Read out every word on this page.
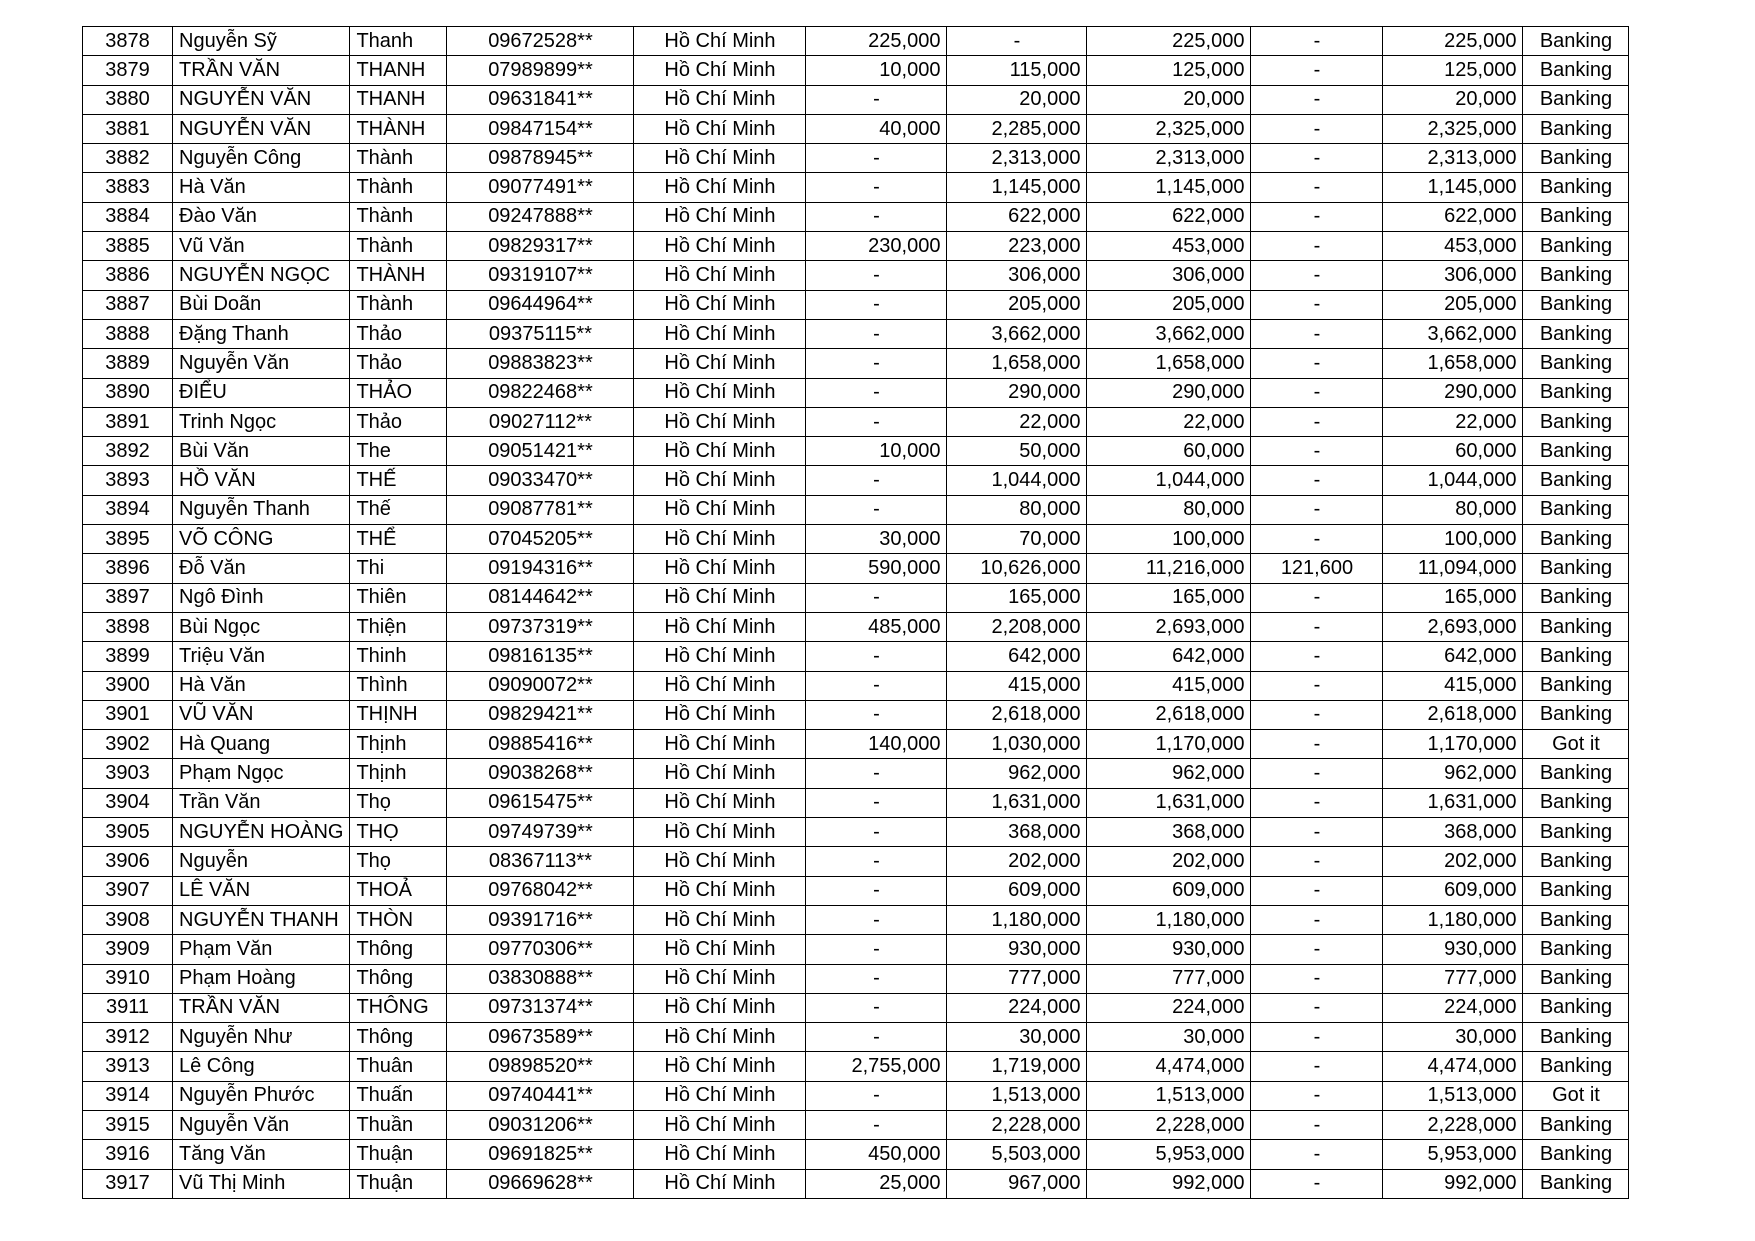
3878	Nguyễn Sỹ	Thanh	09672528**	Hồ Chí Minh	225,000	-	225,000	-	225,000	Banking
3879	TRẦN VĂN	THANH	07989899**	Hồ Chí Minh	10,000	115,000	125,000	-	125,000	Banking
3880	NGUYỄN VĂN	THANH	09631841**	Hồ Chí Minh	-	20,000	20,000	-	20,000	Banking
3881	NGUYỄN VĂN	THÀNH	09847154**	Hồ Chí Minh	40,000	2,285,000	2,325,000	-	2,325,000	Banking
3882	Nguyễn Công	Thành	09878945**	Hồ Chí Minh	-	2,313,000	2,313,000	-	2,313,000	Banking
3883	Hà Văn	Thành	09077491**	Hồ Chí Minh	-	1,145,000	1,145,000	-	1,145,000	Banking
3884	Đào Văn	Thành	09247888**	Hồ Chí Minh	-	622,000	622,000	-	622,000	Banking
3885	Vũ Văn	Thành	09829317**	Hồ Chí Minh	230,000	223,000	453,000	-	453,000	Banking
3886	NGUYỄN NGỌC	THÀNH	09319107**	Hồ Chí Minh	-	306,000	306,000	-	306,000	Banking
3887	Bùi Doãn	Thành	09644964**	Hồ Chí Minh	-	205,000	205,000	-	205,000	Banking
3888	Đặng Thanh	Thảo	09375115**	Hồ Chí Minh	-	3,662,000	3,662,000	-	3,662,000	Banking
3889	Nguyễn Văn	Thảo	09883823**	Hồ Chí Minh	-	1,658,000	1,658,000	-	1,658,000	Banking
3890	ĐIỂU	THẢO	09822468**	Hồ Chí Minh	-	290,000	290,000	-	290,000	Banking
3891	Trinh Ngọc	Thảo	09027112**	Hồ Chí Minh	-	22,000	22,000	-	22,000	Banking
3892	Bùi Văn	The	09051421**	Hồ Chí Minh	10,000	50,000	60,000	-	60,000	Banking
3893	HỒ VĂN	THẾ	09033470**	Hồ Chí Minh	-	1,044,000	1,044,000	-	1,044,000	Banking
3894	Nguyễn Thanh	Thế	09087781**	Hồ Chí Minh	-	80,000	80,000	-	80,000	Banking
3895	VÕ CÔNG	THỂ	07045205**	Hồ Chí Minh	30,000	70,000	100,000	-	100,000	Banking
3896	Đỗ Văn	Thi	09194316**	Hồ Chí Minh	590,000	10,626,000	11,216,000	121,600	11,094,000	Banking
3897	Ngô Đình	Thiên	08144642**	Hồ Chí Minh	-	165,000	165,000	-	165,000	Banking
3898	Bùi Ngọc	Thiện	09737319**	Hồ Chí Minh	485,000	2,208,000	2,693,000	-	2,693,000	Banking
3899	Triệu Văn	Thinh	09816135**	Hồ Chí Minh	-	642,000	642,000	-	642,000	Banking
3900	Hà Văn	Thình	09090072**	Hồ Chí Minh	-	415,000	415,000	-	415,000	Banking
3901	VŨ VĂN	THỊNH	09829421**	Hồ Chí Minh	-	2,618,000	2,618,000	-	2,618,000	Banking
3902	Hà Quang	Thịnh	09885416**	Hồ Chí Minh	140,000	1,030,000	1,170,000	-	1,170,000	Got it
3903	Phạm Ngọc	Thịnh	09038268**	Hồ Chí Minh	-	962,000	962,000	-	962,000	Banking
3904	Trần Văn	Thọ	09615475**	Hồ Chí Minh	-	1,631,000	1,631,000	-	1,631,000	Banking
3905	NGUYỄN HOÀNG	THỌ	09749739**	Hồ Chí Minh	-	368,000	368,000	-	368,000	Banking
3906	Nguyễn	Thọ	08367113**	Hồ Chí Minh	-	202,000	202,000	-	202,000	Banking
3907	LÊ VĂN	THOẢ	09768042**	Hồ Chí Minh	-	609,000	609,000	-	609,000	Banking
3908	NGUYỄN THANH	THÒN	09391716**	Hồ Chí Minh	-	1,180,000	1,180,000	-	1,180,000	Banking
3909	Phạm Văn	Thông	09770306**	Hồ Chí Minh	-	930,000	930,000	-	930,000	Banking
3910	Phạm Hoàng	Thông	03830888**	Hồ Chí Minh	-	777,000	777,000	-	777,000	Banking
3911	TRẦN VĂN	THÔNG	09731374**	Hồ Chí Minh	-	224,000	224,000	-	224,000	Banking
3912	Nguyễn Như	Thông	09673589**	Hồ Chí Minh	-	30,000	30,000	-	30,000	Banking
3913	Lê Công	Thuân	09898520**	Hồ Chí Minh	2,755,000	1,719,000	4,474,000	-	4,474,000	Banking
3914	Nguyễn Phước	Thuấn	09740441**	Hồ Chí Minh	-	1,513,000	1,513,000	-	1,513,000	Got it
3915	Nguyễn Văn	Thuần	09031206**	Hồ Chí Minh	-	2,228,000	2,228,000	-	2,228,000	Banking
3916	Tăng Văn	Thuận	09691825**	Hồ Chí Minh	450,000	5,503,000	5,953,000	-	5,953,000	Banking
3917	Vũ Thị Minh	Thuận	09669628**	Hồ Chí Minh	25,000	967,000	992,000	-	992,000	Banking
